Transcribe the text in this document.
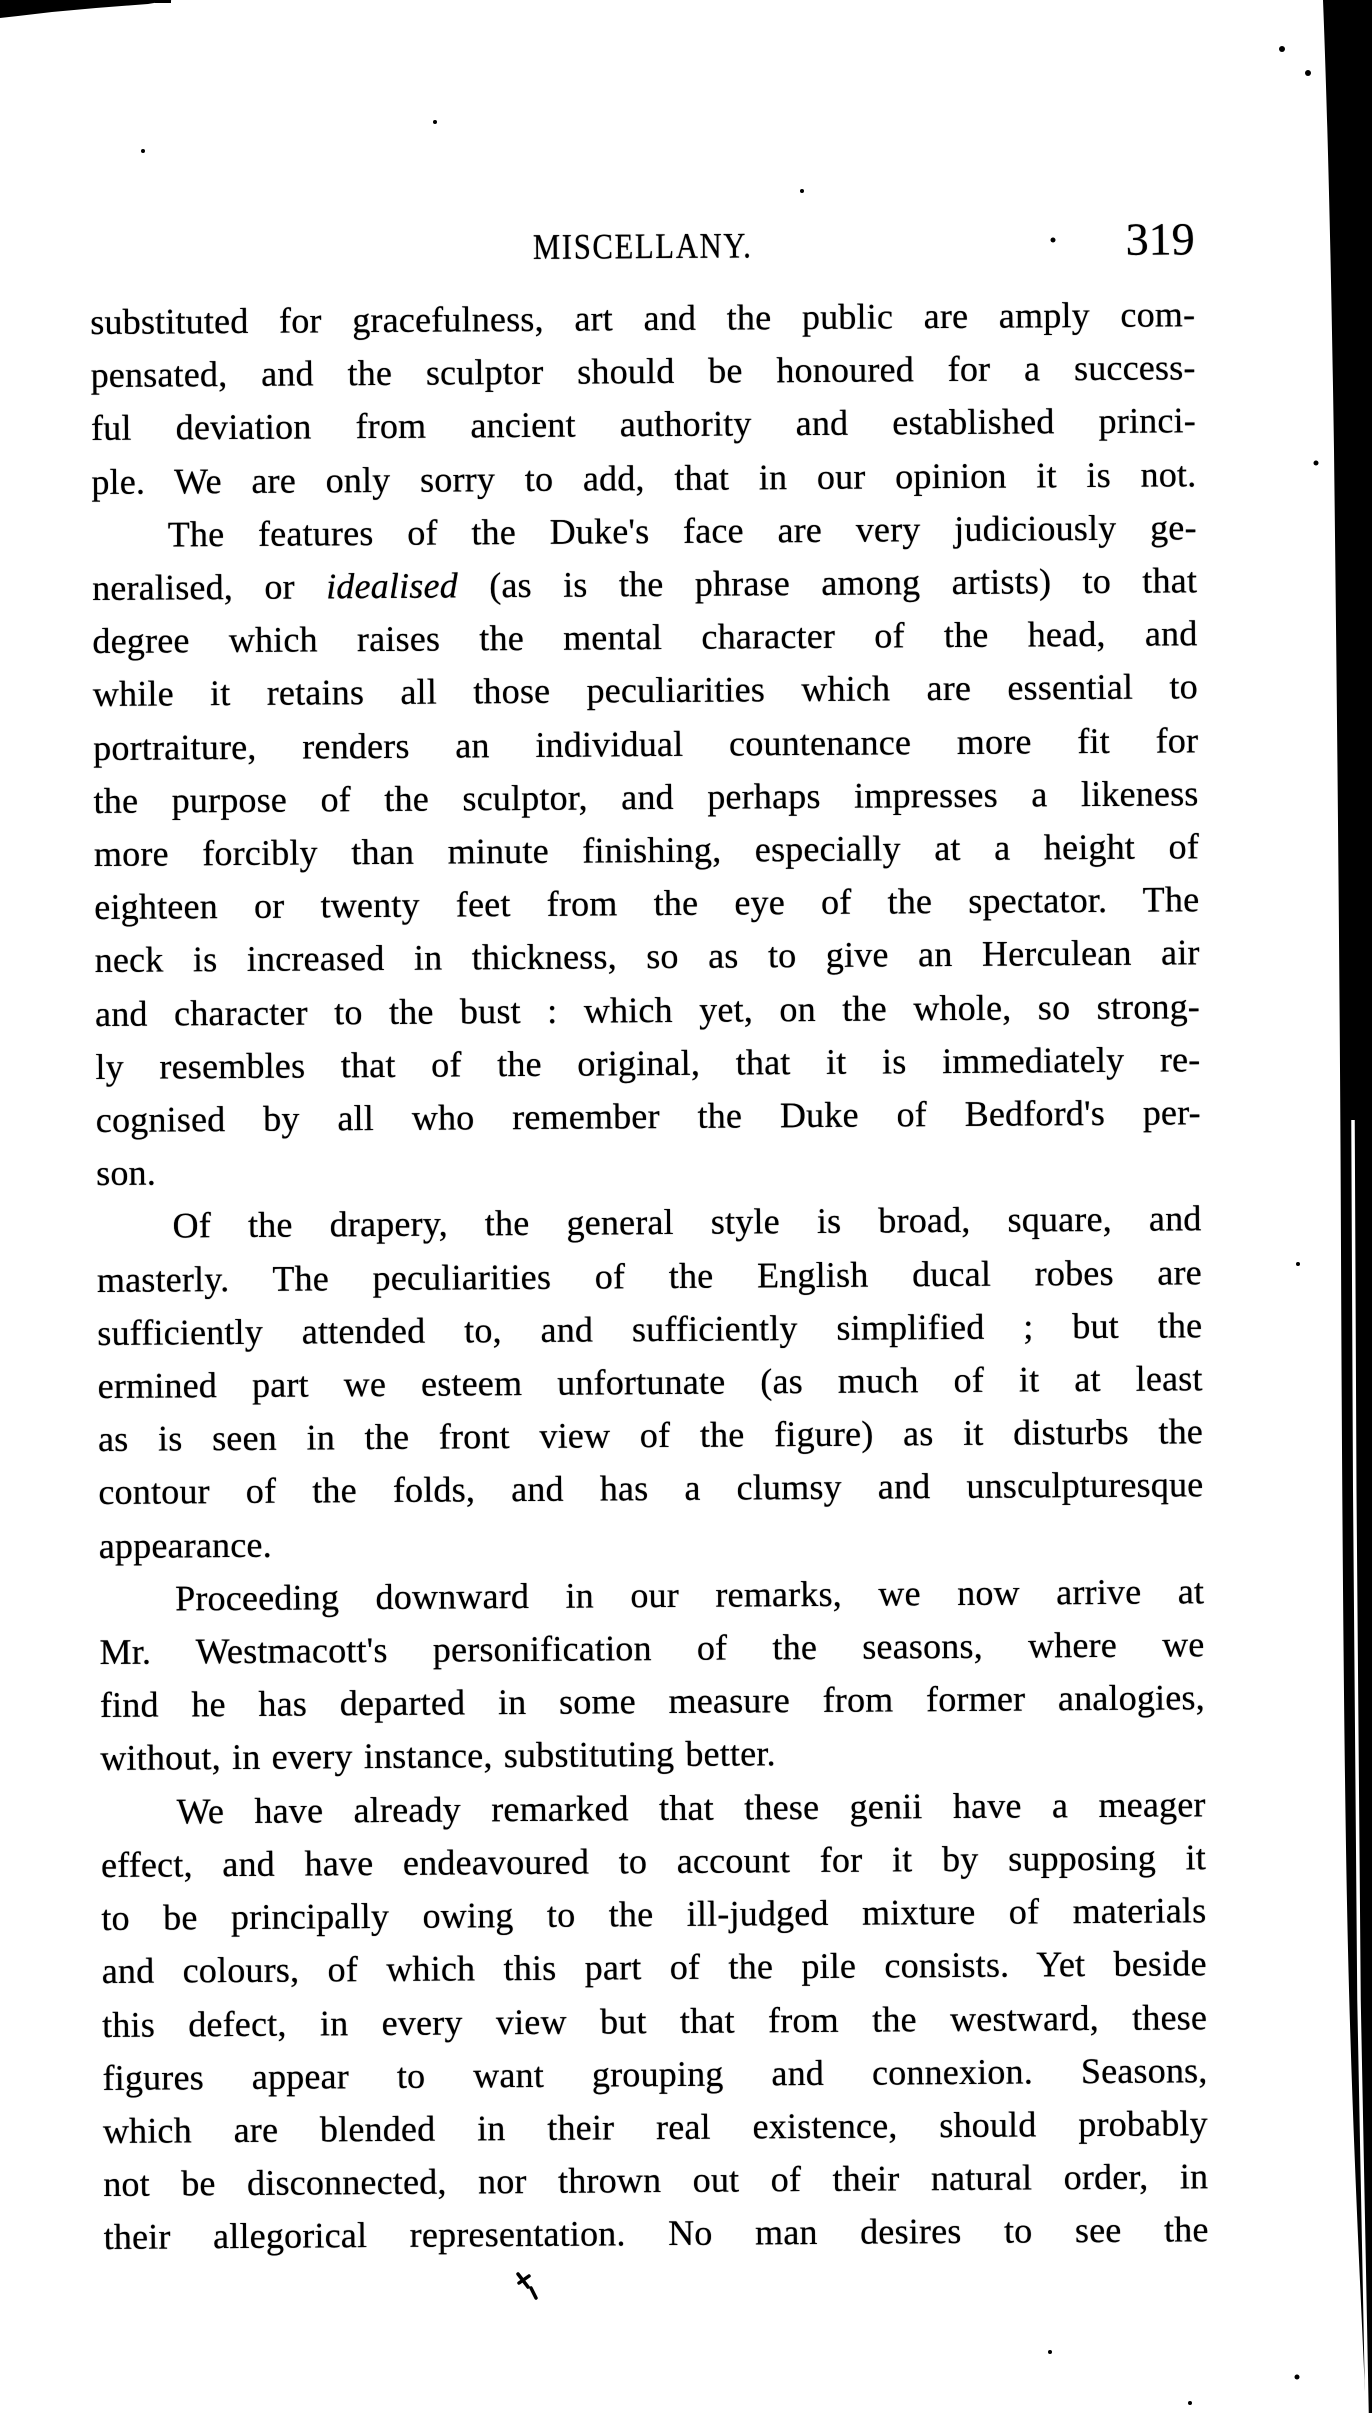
MISCELLANY.	319
substituted for gracefulness, art and the public are amply com-
pensated, and the sculptor should be honoured for a success-
ful deviation from ancient authority and established princi-
ple. We are only sorry to add, that in our opinion it is not.
The features of the Duke's face are very judiciously ge-
neralised, or idealised (as is the phrase among artists) to that
degree which raises the mental character of the head, and
while it retains all those peculiarities which are essential to
portraiture, renders an individual countenance more fit for
the purpose of the sculptor, and perhaps impresses a likeness
more forcibly than minute finishing, especially at a height of
eighteen or twenty feet from the eye of the spectator. The
neck is increased in thickness, so as to give an Herculean air
and character to the bust : which yet, on the whole, so strong-
ly resembles that of the original, that it is immediately re-
cognised by all who remember the Duke of Bedford's per-
son.
Of the drapery, the general style is broad, square, and
masterly. The peculiarities of the English ducal robes are
sufficiently attended to, and sufficiently simplified ; but the
ermined part we esteem unfortunate (as much of it at least
as is seen in the front view of the figure) as it disturbs the
contour of the folds, and has a clumsy and unsculpturesque
appearance.
Proceeding downward in our remarks, we now arrive at
Mr. Westmacott's personification of the seasons, where we
find he has departed in some measure from former analogies,
without, in every instance, substituting better.
We have already remarked that these genii have a meager
effect, and have endeavoured to account for it by supposing it
to be principally owing to the ill-judged mixture of materials
and colours, of which this part of the pile consists. Yet beside
this defect, in every view but that from the westward, these
figures appear to want grouping and connexion. Seasons,
which are blended in their real existence, should probably
not be disconnected, nor thrown out of their natural order, in
their allegorical representation. No man desires to see the
